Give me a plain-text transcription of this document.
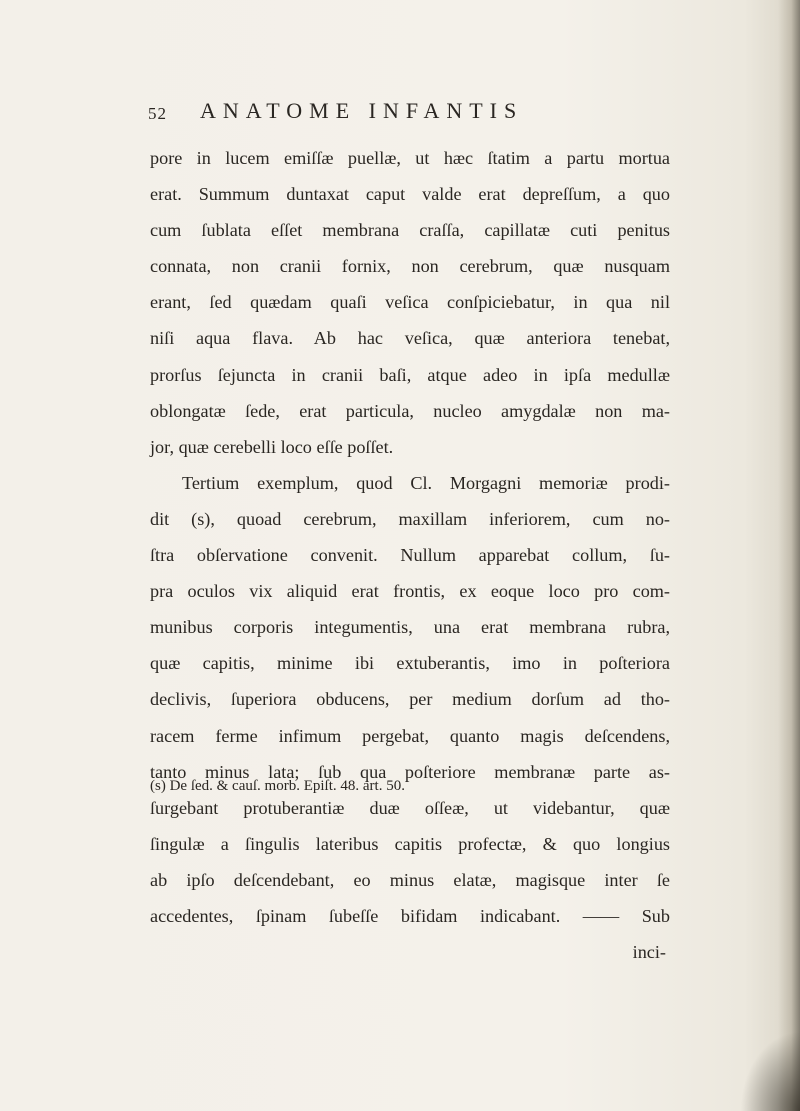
52 ANATOME INFANTIS
pore in lucem emiſſæ puellæ, ut hæc ſtatim a partu mortua
erat. Summum duntaxat caput valde erat depreſſum, a quo
cum ſublata eſſet membrana craſſa, capillatæ cuti penitus
connata, non cranii fornix, non cerebrum, quæ nusquam
erant, ſed quædam quaſi veſica conſpiciebatur, in qua nil
niſi aqua flava. Ab hac veſica, quæ anteriora tenebat,
prorſus ſejuncta in cranii baſi, atque adeo in ipſa medullæ
oblongatæ ſede, erat particula, nucleo amygdalæ non ma-
jor, quæ cerebelli loco eſſe poſſet.
Tertium exemplum, quod Cl. Morgagni memoriæ prodi-
dit (s), quoad cerebrum, maxillam inferiorem, cum no-
ſtra obſervatione convenit. Nullum apparebat collum, ſu-
pra oculos vix aliquid erat frontis, ex eoque loco pro com-
munibus corporis integumentis, una erat membrana rubra,
quæ capitis, minime ibi extuberantis, imo in poſteriora
declivis, ſuperiora obducens, per medium dorſum ad tho-
racem ferme infimum pergebat, quanto magis deſcendens,
tanto minus lata; ſub qua poſteriore membranæ parte as-
ſurgebant protuberantiæ duæ oſſeæ, ut videbantur, quæ
ſingulæ a ſingulis lateribus capitis profectæ, & quo longius
ab ipſo deſcendebant, eo minus elatæ, magisque inter ſe
accedentes, ſpinam ſubeſſe bifidam indicabant. —— Sub
inci-
(s) De ſed. & cauſ. morb. Epiſt. 48. art. 50.
